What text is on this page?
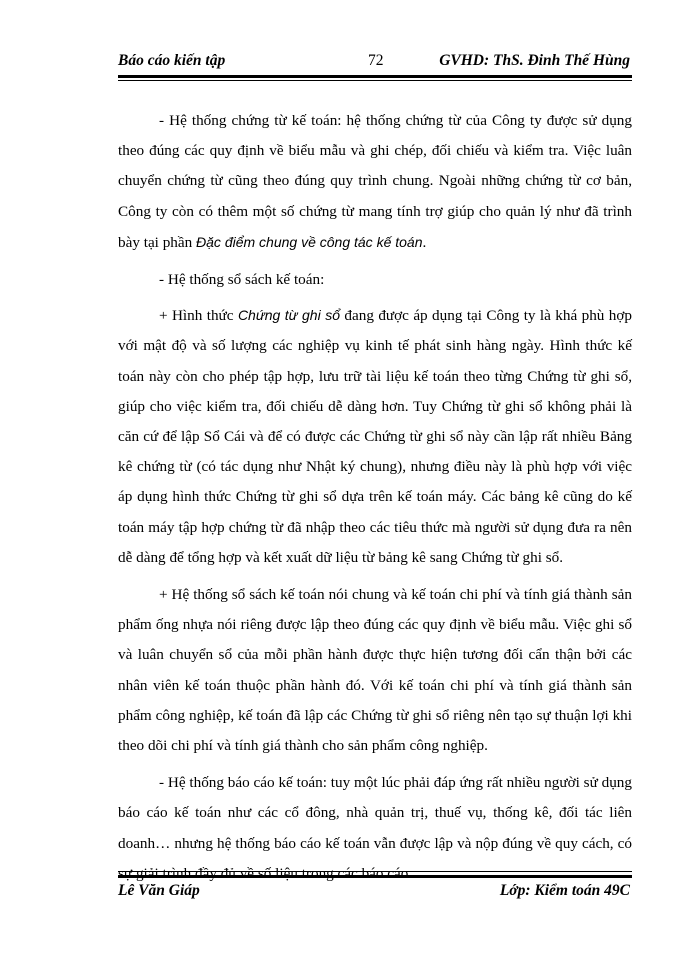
Báo cáo kiến tập	72	GVHD: ThS. Đinh Thế Hùng

- Hệ thống chứng từ kế toán: hệ thống chứng từ của Công ty được sử dụng theo đúng các quy định về biểu mẫu và ghi chép, đối chiếu và kiểm tra. Việc luân chuyển chứng từ cũng theo đúng quy trình chung. Ngoài những chứng từ cơ bản, Công ty còn có thêm một số chứng từ mang tính trợ giúp cho quản lý như đã trình bày tại phần Đặc điểm chung về công tác kế toán.

- Hệ thống sổ sách kế toán:

+ Hình thức Chứng từ ghi sổ đang được áp dụng tại Công ty là khá phù hợp với mật độ và số lượng các nghiệp vụ kinh tế phát sinh hàng ngày. Hình thức kế toán này còn cho phép tập hợp, lưu trữ tài liệu kế toán theo từng Chứng từ ghi sổ, giúp cho việc kiểm tra, đối chiếu dễ dàng hơn. Tuy Chứng từ ghi sổ không phải là căn cứ để lập Sổ Cái và để có được các Chứng từ ghi sổ này cần lập rất nhiều Bảng kê chứng từ (có tác dụng như Nhật ký chung), nhưng điều này là phù hợp với việc áp dụng hình thức Chứng từ ghi sổ dựa trên kế toán máy. Các bảng kê cũng do kế toán máy tập hợp chứng từ đã nhập theo các tiêu thức mà người sử dụng đưa ra nên dễ dàng để tổng hợp và kết xuất dữ liệu từ bảng kê sang Chứng từ ghi sổ.

+ Hệ thống sổ sách kế toán nói chung và kế toán chi phí và tính giá thành sản phẩm ống nhựa nói riêng được lập theo đúng các quy định về biểu mẫu. Việc ghi sổ và luân chuyển sổ của mỗi phần hành được thực hiện tương đối cẩn thận bởi các nhân viên kế toán thuộc phần hành đó. Với kế toán chi phí và tính giá thành sản phẩm công nghiệp, kế toán đã lập các Chứng từ ghi sổ riêng nên tạo sự thuận lợi khi theo dõi chi phí và tính giá thành cho sản phẩm công nghiệp.

- Hệ thống báo cáo kế toán: tuy một lúc phải đáp ứng rất nhiều người sử dụng báo cáo kế toán như các cổ đông, nhà quản trị, thuế vụ, thống kê, đối tác liên doanh… nhưng hệ thống báo cáo kế toán vẫn được lập và nộp đúng về quy cách, có sự giải trình đầy đủ về số liệu trong các báo cáo.

Lê Văn Giáp	Lớp: Kiểm toán 49C
